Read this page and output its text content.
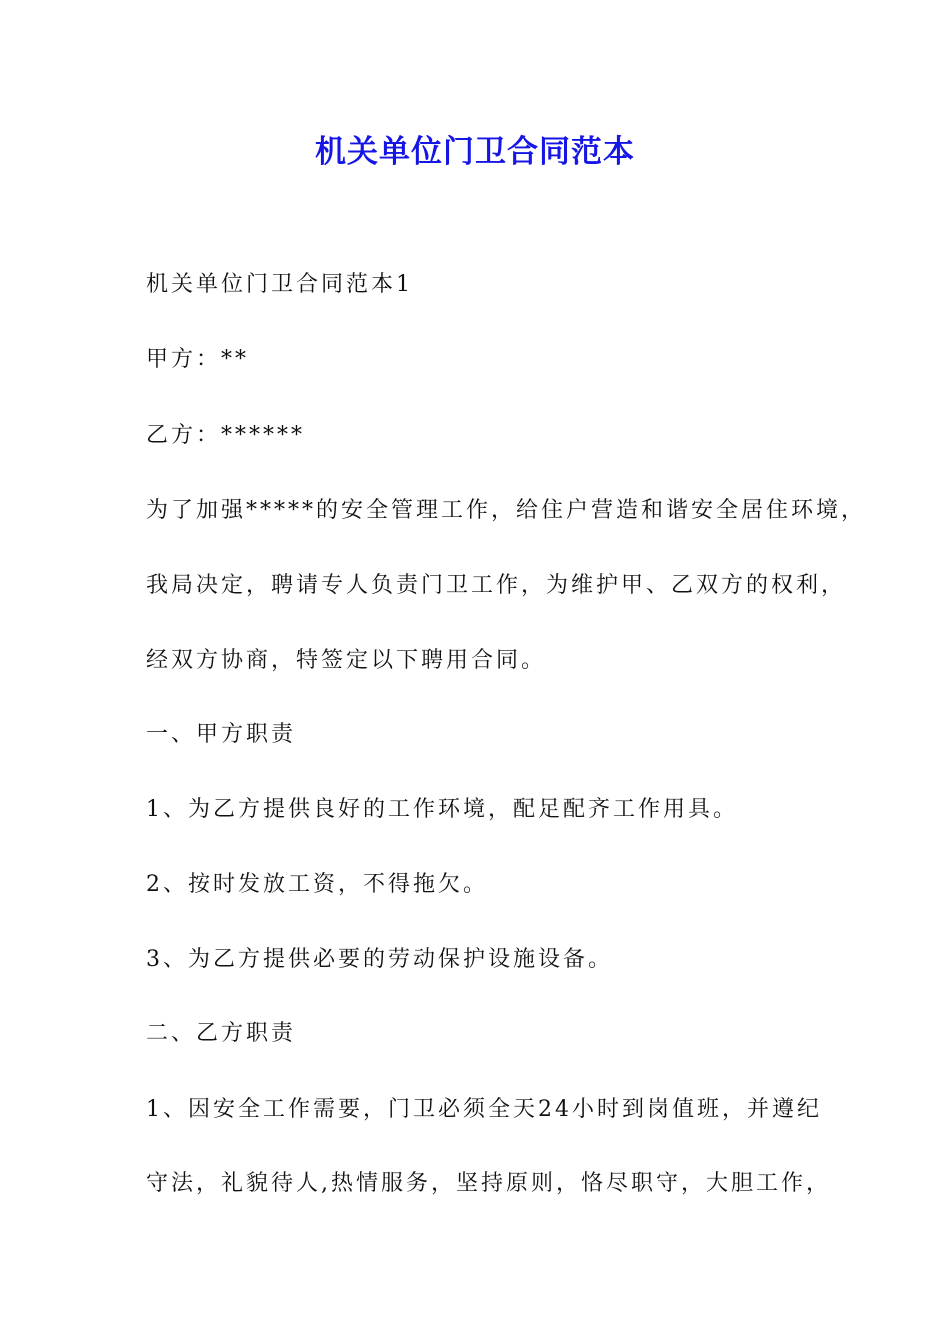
机关单位门卫合同范本
机关单位门卫合同范本1
甲方：**
乙方：******
为了加强*****的安全管理工作，给住户营造和谐安全居住环境，
我局决定，聘请专人负责门卫工作，为维护甲、乙双方的权利，
经双方协商，特签定以下聘用合同。
一、甲方职责
1、为乙方提供良好的工作环境，配足配齐工作用具。
2、按时发放工资，不得拖欠。
3、为乙方提供必要的劳动保护设施设备。
二、乙方职责
1、因安全工作需要，门卫必须全天24小时到岗值班，并遵纪
守法，礼貌待人,热情服务，坚持原则，恪尽职守，大胆工作，
